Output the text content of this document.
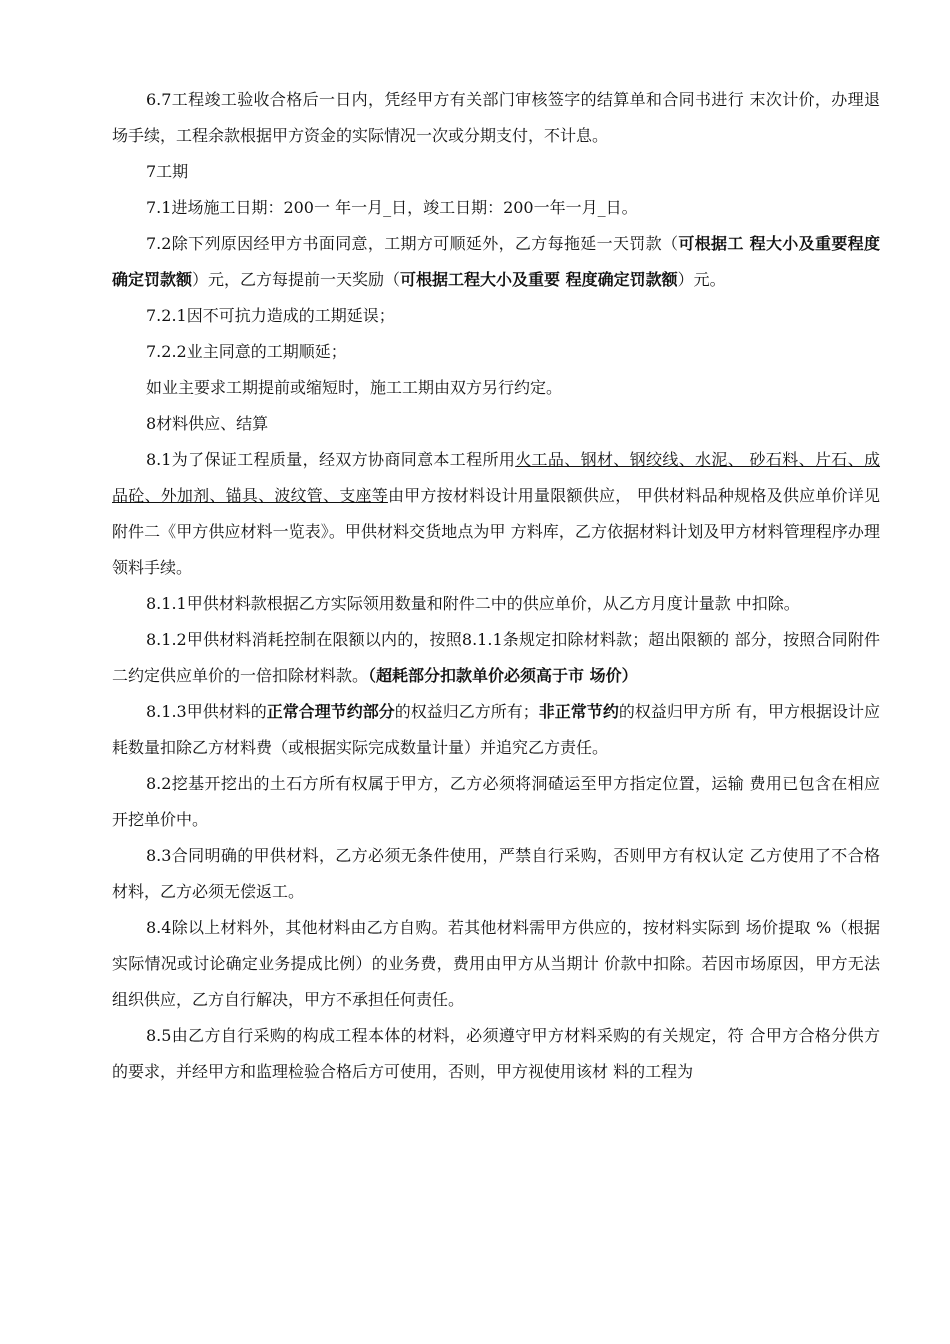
6.7工程竣工验收合格后一日内，凭经甲方有关部门审核签字的结算单和合同书进行 末次计价，办理退场手续，工程余款根据甲方资金的实际情况一次或分期支付，不计息。

7工期

7.1进场施工日期：200一 年一月_日，竣工日期：200一年一月_日。

7.2除下列原因经甲方书面同意，工期方可顺延外，乙方每拖延一天罚款（可根据工 程大小及重要程度确定罚款额）元，乙方每提前一天奖励（可根据工程大小及重要 程度确定罚款额）元。

7.2.1因不可抗力造成的工期延误；

7.2.2业主同意的工期顺延；

如业主要求工期提前或缩短时，施工工期由双方另行约定。

8材料供应、结算

8.1为了保证工程质量，经双方协商同意本工程所用火工品、钢材、钢绞线、水泥、 砂石料、片石、成品砼、外加剂、锚具、波纹管、支座等由甲方按材料设计用量限额供应， 甲供材料品种规格及供应单价详见附件二《甲方供应材料一览表》。甲供材料交货地点为甲 方料库，乙方依据材料计划及甲方材料管理程序办理领料手续。

8.1.1甲供材料款根据乙方实际领用数量和附件二中的供应单价，从乙方月度计量款 中扣除。

8.1.2甲供材料消耗控制在限额以内的，按照8.1.1条规定扣除材料款；超出限额的 部分，按照合同附件二约定供应单价的一倍扣除材料款。（超耗部分扣款单价必须高于市 场价）

8.1.3甲供材料的正常合理节约部分的权益归乙方所有；非正常节约的权益归甲方所 有，甲方根据设计应耗数量扣除乙方材料费（或根据实际完成数量计量）并追究乙方责任。

8.2挖基开挖出的土石方所有权属于甲方，乙方必须将洞碴运至甲方指定位置，运输 费用已包含在相应开挖单价中。

8.3合同明确的甲供材料，乙方必须无条件使用，严禁自行采购，否则甲方有权认定 乙方使用了不合格材料，乙方必须无偿返工。

8.4除以上材料外，其他材料由乙方自购。若其他材料需甲方供应的，按材料实际到 场价提取 %（根据实际情况或讨论确定业务提成比例）的业务费，费用由甲方从当期计 价款中扣除。若因市场原因，甲方无法组织供应，乙方自行解决，甲方不承担任何责任。

8.5由乙方自行采购的构成工程本体的材料，必须遵守甲方材料采购的有关规定，符 合甲方合格分供方的要求，并经甲方和监理检验合格后方可使用，否则，甲方视使用该材 料的工程为
